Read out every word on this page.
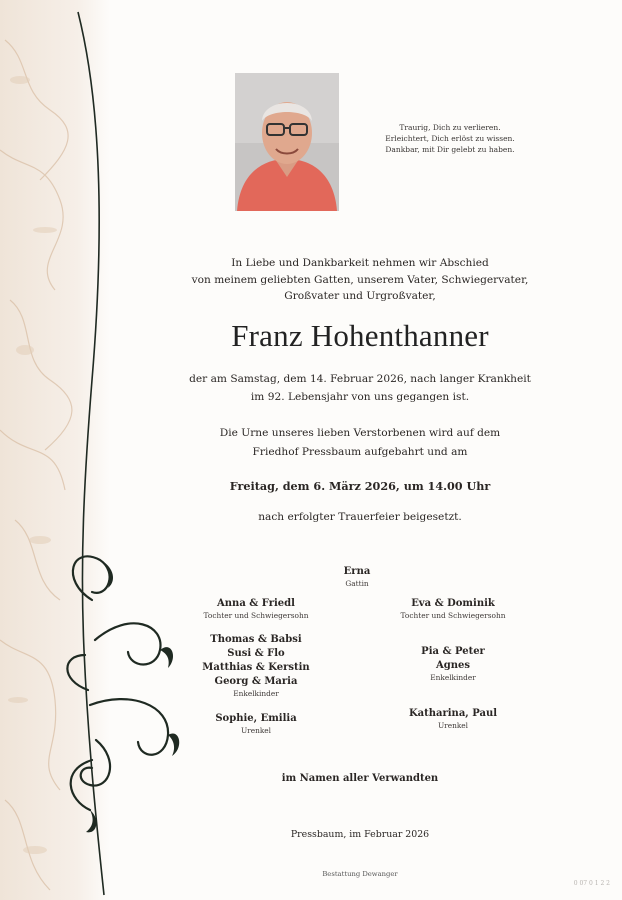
Traurig, Dich zu verlieren.
Erleichtert, Dich erlöst zu wissen.
Dankbar, mit Dir gelebt zu haben.
In Liebe und Dankbarkeit nehmen wir Abschied
von meinem geliebten Gatten, unserem Vater, Schwiegervater,
Großvater und Urgroßvater,
Franz Hohenthanner
der am Samstag, dem 14. Februar 2026, nach langer Krankheit
im 92. Lebensjahr von uns gegangen ist.
Die Urne unseres lieben Verstorbenen wird auf dem
Friedhof Pressbaum aufgebahrt und am
Freitag, dem 6. März 2026, um 14.00 Uhr
nach erfolgter Trauerfeier beigesetzt.
Erna
Gattin
Anna & Friedl
Tochter und Schwiegersohn
Eva & Dominik
Tochter und Schwiegersohn
Thomas & Babsi
Susi & Flo
Matthias & Kerstin
Georg & Maria
Enkelkinder
Pia & Peter
Agnes
Enkelkinder
Sophie, Emilia
Urenkel
Katharina, Paul
Urenkel
im Namen aller Verwandten
Pressbaum, im Februar 2026
Bestattung Dewanger
0 07 0 1 2 2
